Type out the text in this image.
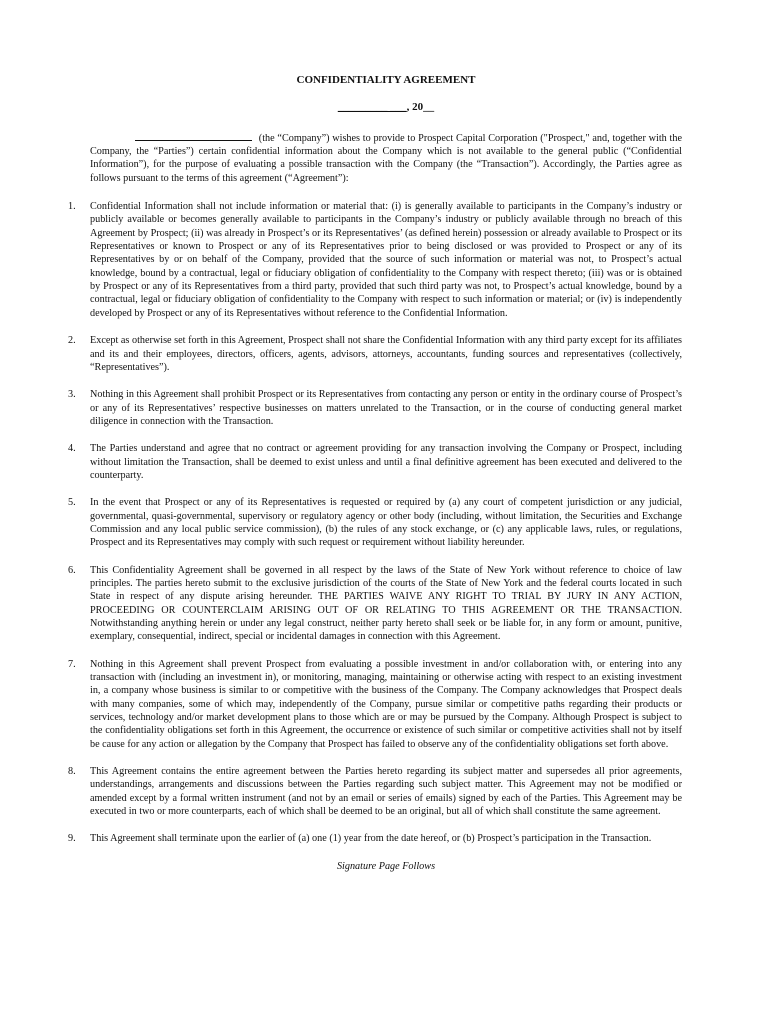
CONFIDENTIALITY AGREEMENT
_________ ___, 20__

(the “Company”) wishes to provide to Prospect Capital Corporation ("Prospect," and, together with the Company, the “Parties”) certain confidential information about the Company which is not available to the general public (“Confidential Information”), for the purpose of evaluating a possible transaction with the Company (the “Transaction”). Accordingly, the Parties agree as follows pursuant to the terms of this agreement (“Agreement”):

1. Confidential Information shall not include information or material that: (i) is generally available to participants in the Company’s industry or publicly available or becomes generally available to participants in the Company’s industry or publicly available through no breach of this Agreement by Prospect; (ii) was already in Prospect’s or its Representatives’ (as defined herein) possession or already available to Prospect or its Representatives or known to Prospect or any of its Representatives prior to being disclosed or was provided to Prospect or any of its Representatives by or on behalf of the Company, provided that the source of such information or material was not, to Prospect’s actual knowledge, bound by a contractual, legal or fiduciary obligation of confidentiality to the Company with respect thereto; (iii) was or is obtained by Prospect or any of its Representatives from a third party, provided that such third party was not, to Prospect’s actual knowledge, bound by a contractual, legal or fiduciary obligation of confidentiality to the Company with respect to such information or material; or (iv) is independently developed by Prospect or any of its Representatives without reference to the Confidential Information.
2. Except as otherwise set forth in this Agreement, Prospect shall not share the Confidential Information with any third party except for its affiliates and its and their employees, directors, officers, agents, advisors, attorneys, accountants, funding sources and representatives (collectively, “Representatives”).
3. Nothing in this Agreement shall prohibit Prospect or its Representatives from contacting any person or entity in the ordinary course of Prospect’s or any of its Representatives’ respective businesses on matters unrelated to the Transaction, or in the course of conducting general market diligence in connection with the Transaction.
4. The Parties understand and agree that no contract or agreement providing for any transaction involving the Company or Prospect, including without limitation the Transaction, shall be deemed to exist unless and until a final definitive agreement has been executed and delivered to the counterparty.
5. In the event that Prospect or any of its Representatives is requested or required by (a) any court of competent jurisdiction or any judicial, governmental, quasi-governmental, supervisory or regulatory agency or other body (including, without limitation, the Securities and Exchange Commission and any local public service commission), (b) the rules of any stock exchange, or (c) any applicable laws, rules, or regulations, Prospect and its Representatives may comply with such request or requirement without liability hereunder.
6. This Confidentiality Agreement shall be governed in all respect by the laws of the State of New York without reference to choice of law principles. The parties hereto submit to the exclusive jurisdiction of the courts of the State of New York and the federal courts located in such State in respect of any dispute arising hereunder. THE PARTIES WAIVE ANY RIGHT TO TRIAL BY JURY IN ANY ACTION, PROCEEDING OR COUNTERCLAIM ARISING OUT OF OR RELATING TO THIS AGREEMENT OR THE TRANSACTION. Notwithstanding anything herein or under any legal construct, neither party hereto shall seek or be liable for, in any form or amount, punitive, exemplary, consequential, indirect, special or incidental damages in connection with this Agreement.
7. Nothing in this Agreement shall prevent Prospect from evaluating a possible investment in and/or collaboration with, or entering into any transaction with (including an investment in), or monitoring, managing, maintaining or otherwise acting with respect to an existing investment in, a company whose business is similar to or competitive with the business of the Company. The Company acknowledges that Prospect deals with many companies, some of which may, independently of the Company, pursue similar or competitive paths regarding their products or services, technology and/or market development plans to those which are or may be pursued by the Company. Although Prospect is subject to the confidentiality obligations set forth in this Agreement, the occurrence or existence of such similar or competitive activities shall not by itself be cause for any action or allegation by the Company that Prospect has failed to observe any of the confidentiality obligations set forth above.
8. This Agreement contains the entire agreement between the Parties hereto regarding its subject matter and supersedes all prior agreements, understandings, arrangements and discussions between the Parties regarding such subject matter. This Agreement may not be modified or amended except by a formal written instrument (and not by an email or series of emails) signed by each of the Parties. This Agreement may be executed in two or more counterparts, each of which shall be deemed to be an original, but all of which shall constitute the same agreement.
9. This Agreement shall terminate upon the earlier of (a) one (1) year from the date hereof, or (b) Prospect’s participation in the Transaction.
Signature Page Follows
